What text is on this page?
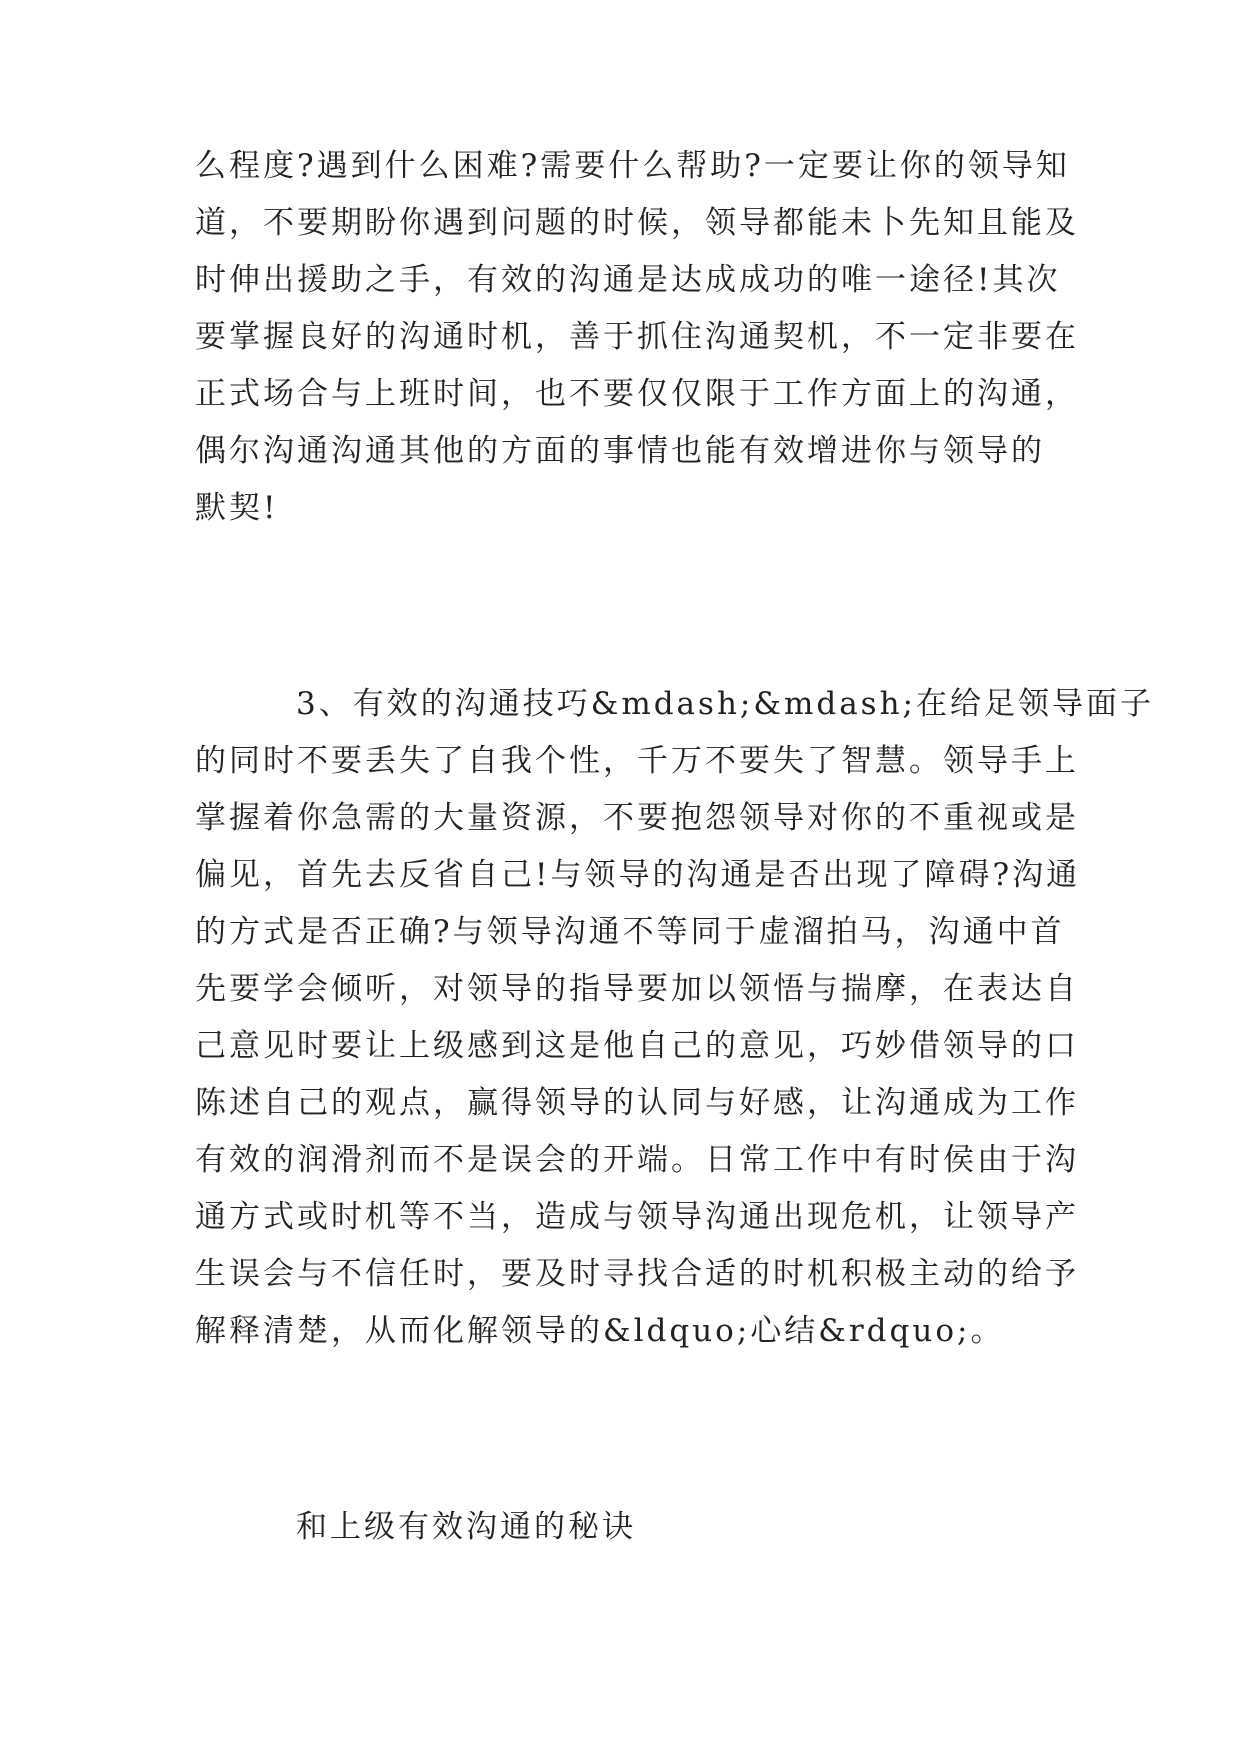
么程度?遇到什么困难?需要什么帮助?一定要让你的领导知

道，不要期盼你遇到问题的时候，领导都能未卜先知且能及

时伸出援助之手，有效的沟通是达成成功的唯一途径!其次

要掌握良好的沟通时机，善于抓住沟通契机，不一定非要在

正式场合与上班时间，也不要仅仅限于工作方面上的沟通，

偶尔沟通沟通其他的方面的事情也能有效增进你与领导的

默契!

3、有效的沟通技巧&mdash;&mdash;在给足领导面子

的同时不要丢失了自我个性，千万不要失了智慧。领导手上

掌握着你急需的大量资源，不要抱怨领导对你的不重视或是

偏见，首先去反省自己!与领导的沟通是否出现了障碍?沟通

的方式是否正确?与领导沟通不等同于虚溜拍马，沟通中首

先要学会倾听，对领导的指导要加以领悟与揣摩，在表达自

己意见时要让上级感到这是他自己的意见，巧妙借领导的口

陈述自己的观点，赢得领导的认同与好感，让沟通成为工作

有效的润滑剂而不是误会的开端。日常工作中有时侯由于沟

通方式或时机等不当，造成与领导沟通出现危机，让领导产

生误会与不信任时，要及时寻找合适的时机积极主动的给予

解释清楚，从而化解领导的&ldquo;心结&rdquo;。

和上级有效沟通的秘诀
